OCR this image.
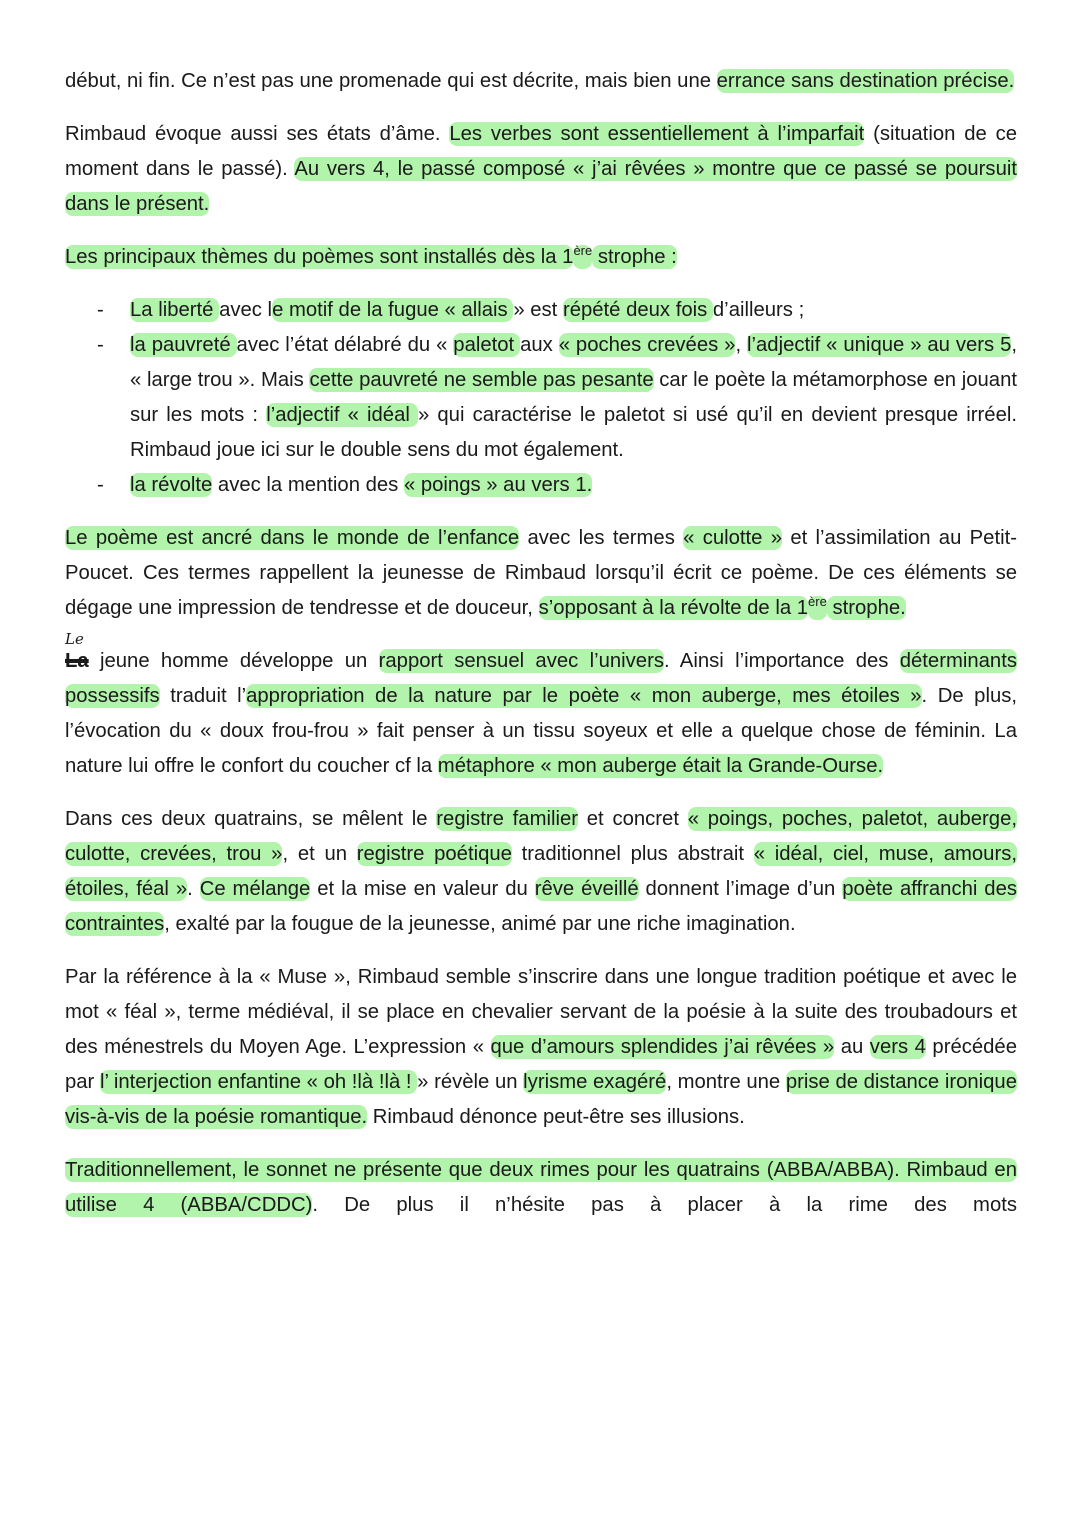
début, ni fin. Ce n’est pas une promenade qui est décrite, mais bien une errance sans destination précise.

Rimbaud évoque aussi ses états d’âme. Les verbes sont essentiellement à l’imparfait (situation de ce moment dans le passé). Au vers 4, le passé composé « j’ai rêvées » montre que ce passé se poursuit dans le présent.

Les principaux thèmes du poèmes sont installés dès la 1ère strophe :

- La liberté avec le motif de la fugue « allais » est répété deux fois d’ailleurs ;
- la pauvreté avec l’état délabré du « paletot aux « poches crevées », l’adjectif « unique » au vers 5, « large trou ». Mais cette pauvreté ne semble pas pesante car le poète la métamorphose en jouant sur les mots : l’adjectif « idéal » qui caractérise le paletot si usé qu’il en devient presque irréel. Rimbaud joue ici sur le double sens du mot également.
- la révolte avec la mention des « poings » au vers 1.

Le poème est ancré dans le monde de l’enfance avec les termes « culotte » et l’assimilation au Petit-Poucet. Ces termes rappellent la jeunesse de Rimbaud lorsqu’il écrit ce poème. De ces éléments se dégage une impression de tendresse et de douceur, s’opposant à la révolte de la 1ère strophe.

La
Le
jeune homme développe un rapport sensuel avec l’univers. Ainsi l’importance des déterminants possessifs traduit l’appropriation de la nature par le poète « mon auberge, mes étoiles ». De plus, l’évocation du « doux frou-frou » fait penser à un tissu soyeux et elle a quelque chose de féminin. La nature lui offre le confort du coucher cf la métaphore « mon auberge était la Grande-Ourse.

Dans ces deux quatrains, se mêlent le registre familier et concret « poings, poches, paletot, auberge, culotte, crevées, trou », et un registre poétique traditionnel plus abstrait « idéal, ciel, muse, amours, étoiles, féal ». Ce mélange et la mise en valeur du rêve éveillé donnent l’image d’un poète affranchi des contraintes, exalté par la fougue de la jeunesse, animé par une riche imagination.

Par la référence à la « Muse », Rimbaud semble s’inscrire dans une longue tradition poétique et avec le mot « féal », terme médiéval, il se place en chevalier servant de la poésie à la suite des troubadours et des ménestrels du Moyen Age. L’expression « que d’amours splendides j’ai rêvées » au vers 4 précédée par l’ interjection enfantine « oh !là !là ! » révèle un lyrisme exagéré, montre une prise de distance ironique vis-à-vis de la poésie romantique. Rimbaud dénonce peut-être ses illusions.

Traditionnellement, le sonnet ne présente que deux rimes pour les quatrains (ABBA/ABBA). Rimbaud en utilise 4 (ABBA/CDDC). De plus il n’hésite pas à placer à la rime des mots
